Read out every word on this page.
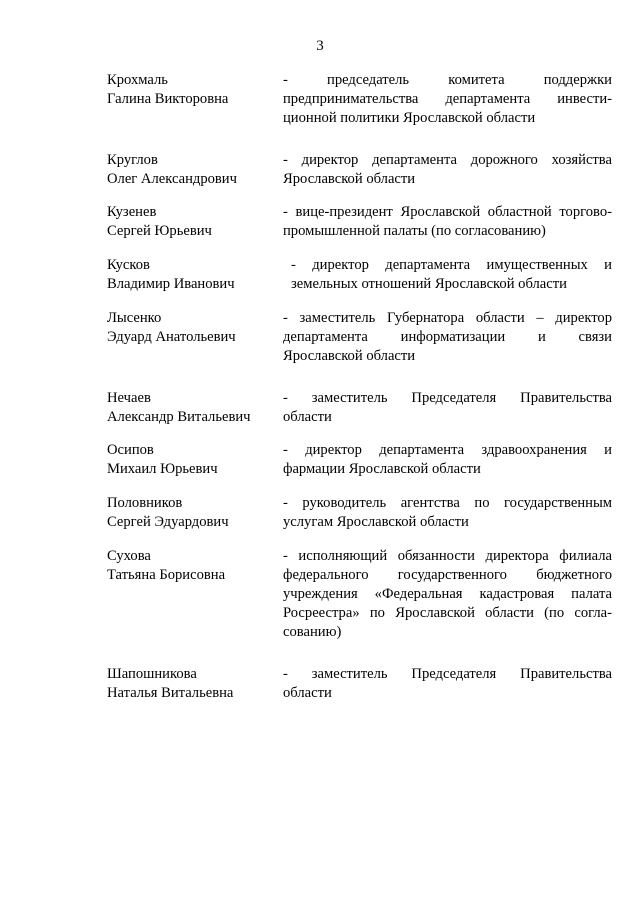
3
Крохмаль
Галина Викторовна
- председатель комитета поддержки
предпринимательства департамента инвести-
ционной политики Ярославской области
Круглов
Олег Александрович
- директор департамента дорожного хозяйства
Ярославской области
Кузенев
Сергей Юрьевич
- вице-президент Ярославской областной торгово-
промышленной палаты (по согласованию)
Кусков
Владимир Иванович
- директор департамента имущественных и
земельных отношений Ярославской области
Лысенко
Эдуард Анатольевич
- заместитель Губернатора области – директор
департамента информатизации и связи
Ярославской области
Нечаев
Александр Витальевич
- заместитель Председателя Правительства
области
Осипов
Михаил Юрьевич
- директор департамента здравоохранения и
фармации Ярославской области
Половников
Сергей Эдуардович
- руководитель агентства по государственным
услугам Ярославской области
Сухова
Татьяна Борисовна
- исполняющий обязанности директора филиала
федерального государственного бюджетного
учреждения «Федеральная кадастровая палата
Росреестра» по Ярославской области (по согла-
сованию)
Шапошникова
Наталья Витальевна
- заместитель Председателя Правительства
области
